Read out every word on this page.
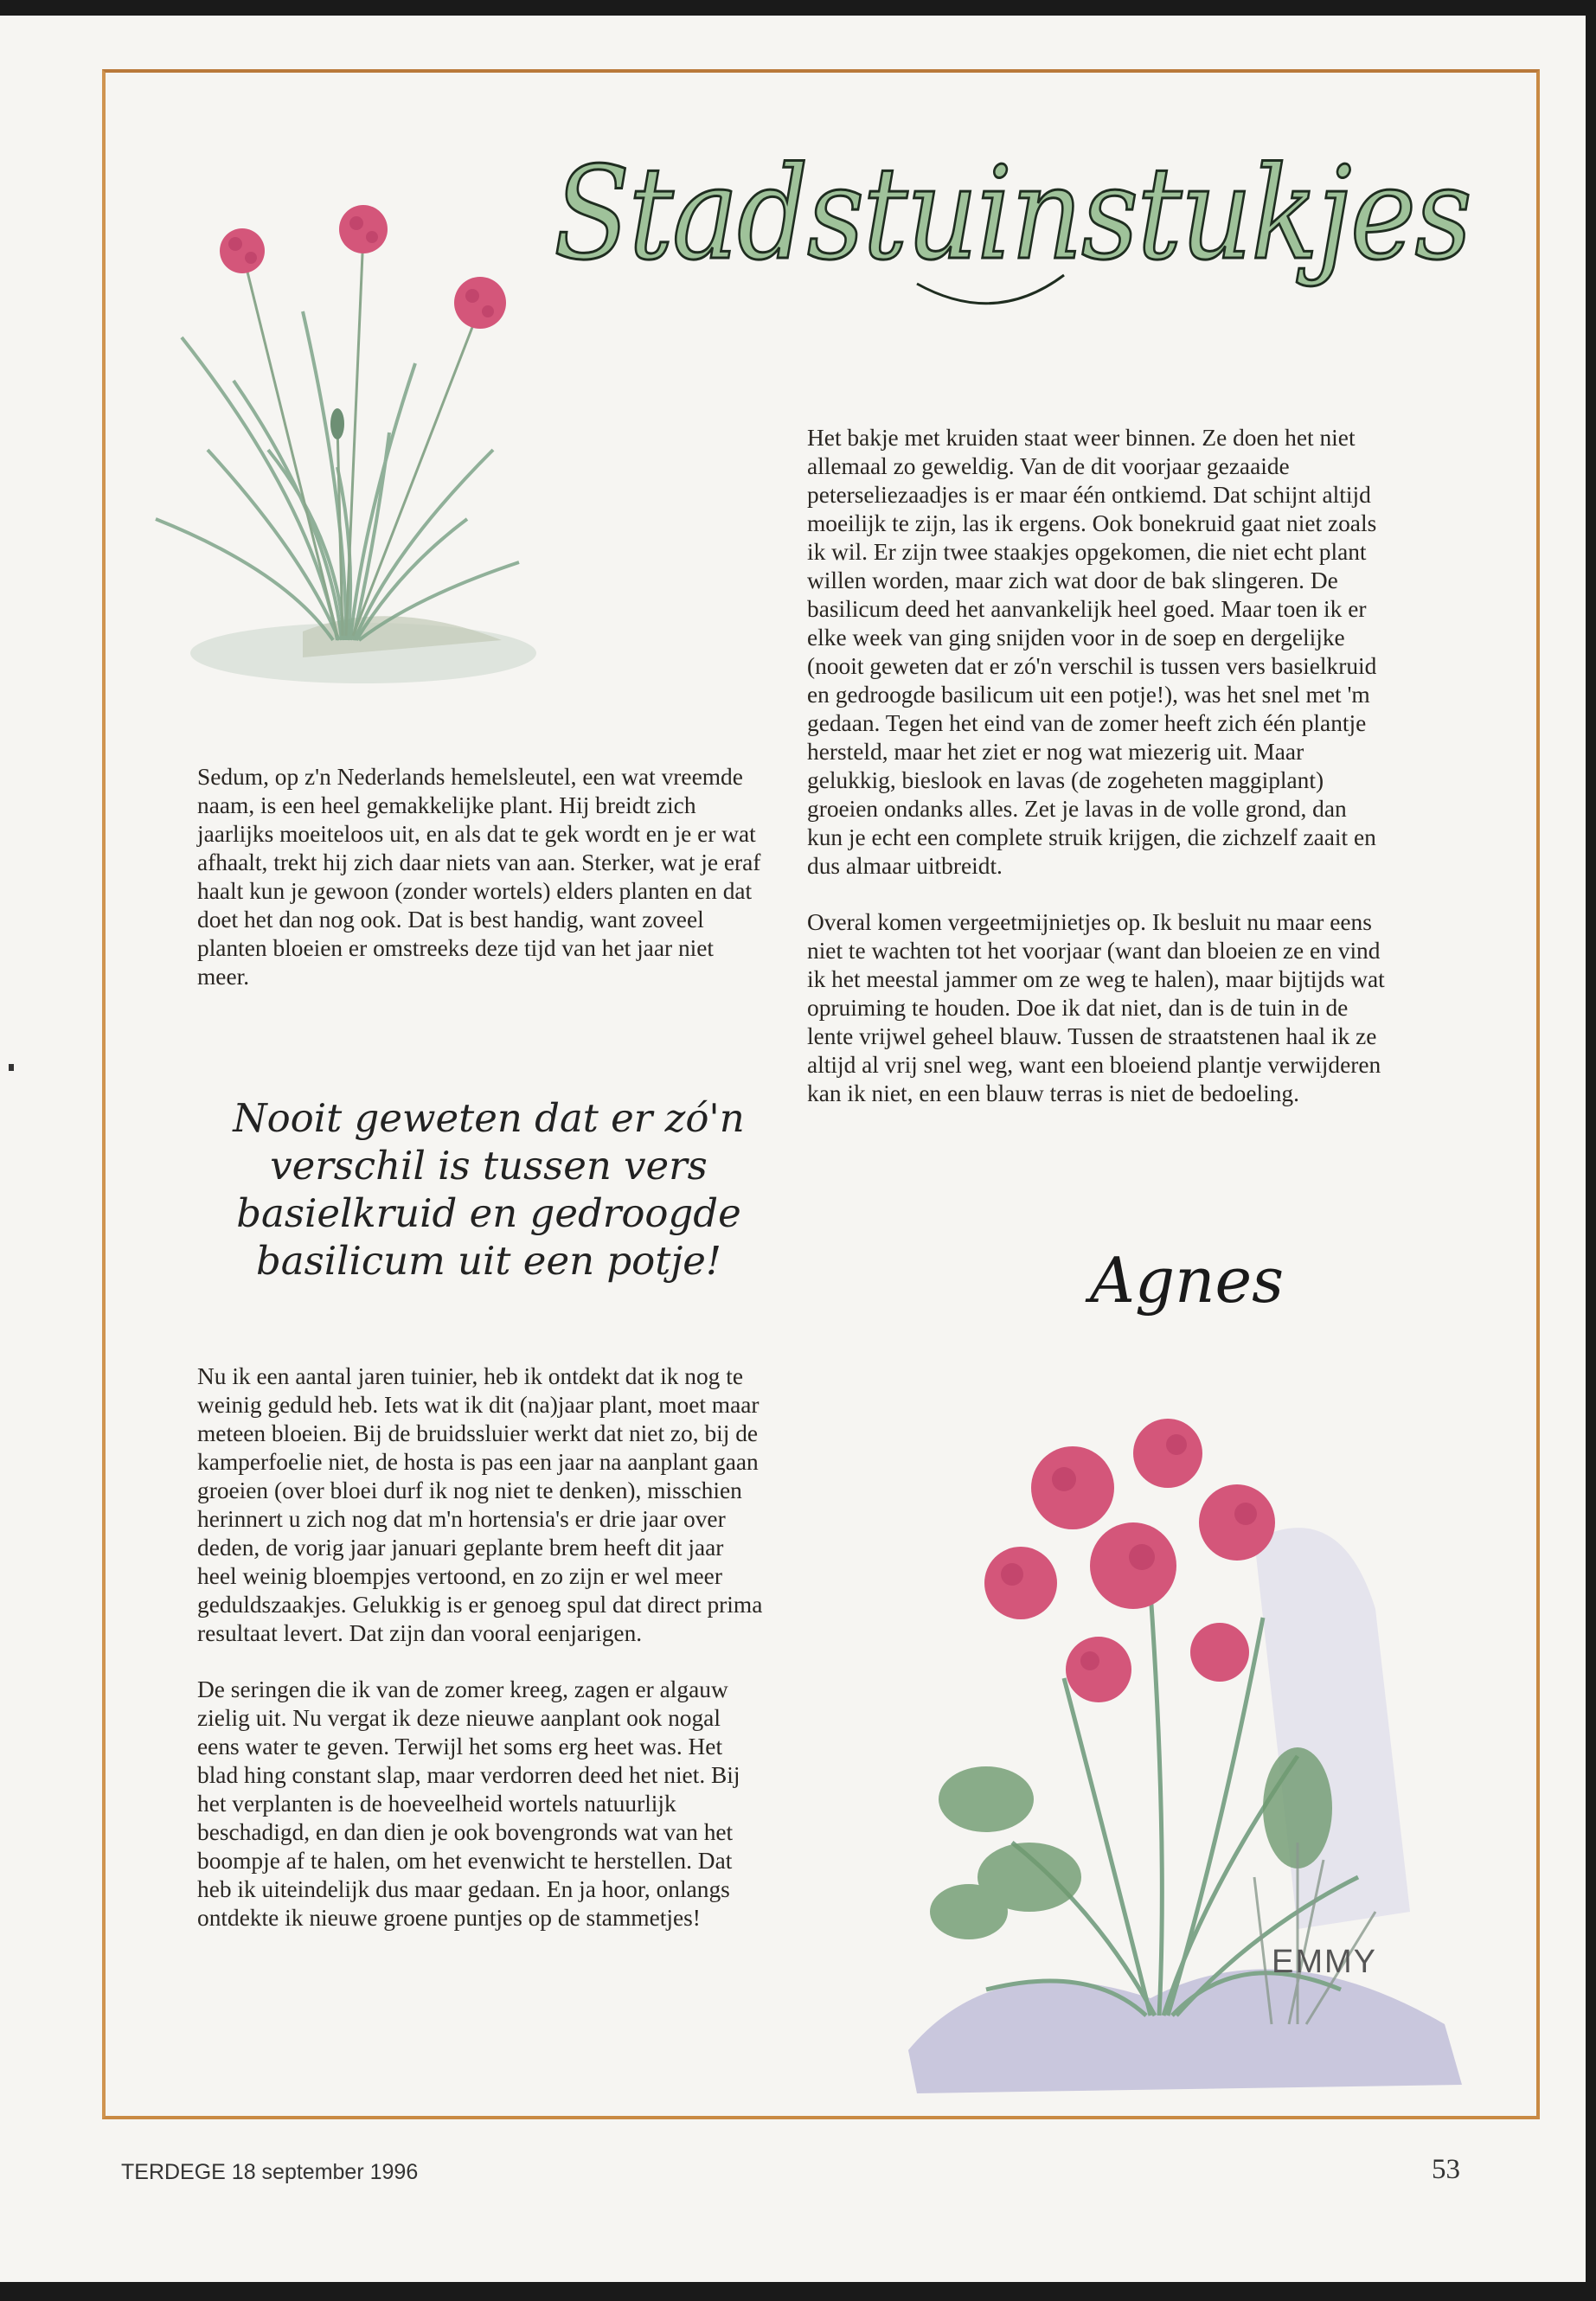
Stadstuinstukjes

Sedum, op z'n Nederlands hemelsleutel, een wat vreemde naam, is een heel gemakkelijke plant. Hij breidt zich jaarlijks moeiteloos uit, en als dat te gek wordt en je er wat afhaalt, trekt hij zich daar niets van aan. Sterker, wat je eraf haalt kun je gewoon (zonder wortels) elders planten en dat doet het dan nog ook. Dat is best handig, want zoveel planten bloeien er omstreeks deze tijd van het jaar niet meer.

Nooit geweten dat er zó'n verschil is tussen vers basielkruid en gedroogde basilicum uit een potje!

Nu ik een aantal jaren tuinier, heb ik ontdekt dat ik nog te weinig geduld heb. Iets wat ik dit (na)jaar plant, moet maar meteen bloeien. Bij de bruidssluier werkt dat niet zo, bij de kamperfoelie niet, de hosta is pas een jaar na aanplant gaan groeien (over bloei durf ik nog niet te denken), misschien herinnert u zich nog dat m'n hortensia's er drie jaar over deden, de vorig jaar januari geplante brem heeft dit jaar heel weinig bloempjes vertoond, en zo zijn er wel meer geduldszaakjes. Gelukkig is er genoeg spul dat direct prima resultaat levert. Dat zijn dan vooral eenjarigen.

De seringen die ik van de zomer kreeg, zagen er algauw zielig uit. Nu vergat ik deze nieuwe aanplant ook nogal eens water te geven. Terwijl het soms erg heet was. Het blad hing constant slap, maar verdorren deed het niet. Bij het verplanten is de hoeveelheid wortels natuurlijk beschadigd, en dan dien je ook bovengronds wat van het boompje af te halen, om het evenwicht te herstellen. Dat heb ik uiteindelijk dus maar gedaan. En ja hoor, onlangs ontdekte ik nieuwe groene puntjes op de stammetjes!

Het bakje met kruiden staat weer binnen. Ze doen het niet allemaal zo geweldig. Van de dit voorjaar gezaaide peterseliezaadjes is er maar één ontkiemd. Dat schijnt altijd moeilijk te zijn, las ik ergens. Ook bonekruid gaat niet zoals ik wil. Er zijn twee staakjes opgekomen, die niet echt plant willen worden, maar zich wat door de bak slingeren. De basilicum deed het aanvankelijk heel goed. Maar toen ik er elke week van ging snijden voor in de soep en dergelijke (nooit geweten dat er zó'n verschil is tussen vers basielkruid en gedroogde basilicum uit een potje!), was het snel met 'm gedaan. Tegen het eind van de zomer heeft zich één plantje hersteld, maar het ziet er nog wat miezerig uit. Maar gelukkig, bieslook en lavas (de zogeheten maggiplant) groeien ondanks alles. Zet je lavas in de volle grond, dan kun je echt een complete struik krijgen, die zichzelf zaait en dus almaar uitbreidt.

Overal komen vergeetmijnietjes op. Ik besluit nu maar eens niet te wachten tot het voorjaar (want dan bloeien ze en vind ik het meestal jammer om ze weg te halen), maar bijtijds wat opruiming te houden. Doe ik dat niet, dan is de tuin in de lente vrijwel geheel blauw. Tussen de straatstenen haal ik ze altijd al vrij snel weg, want een bloeiend plantje verwijderen kan ik niet, en een blauw terras is niet de bedoeling.

Agnes
EMMY
TERDEGE 18 september 1996	53
